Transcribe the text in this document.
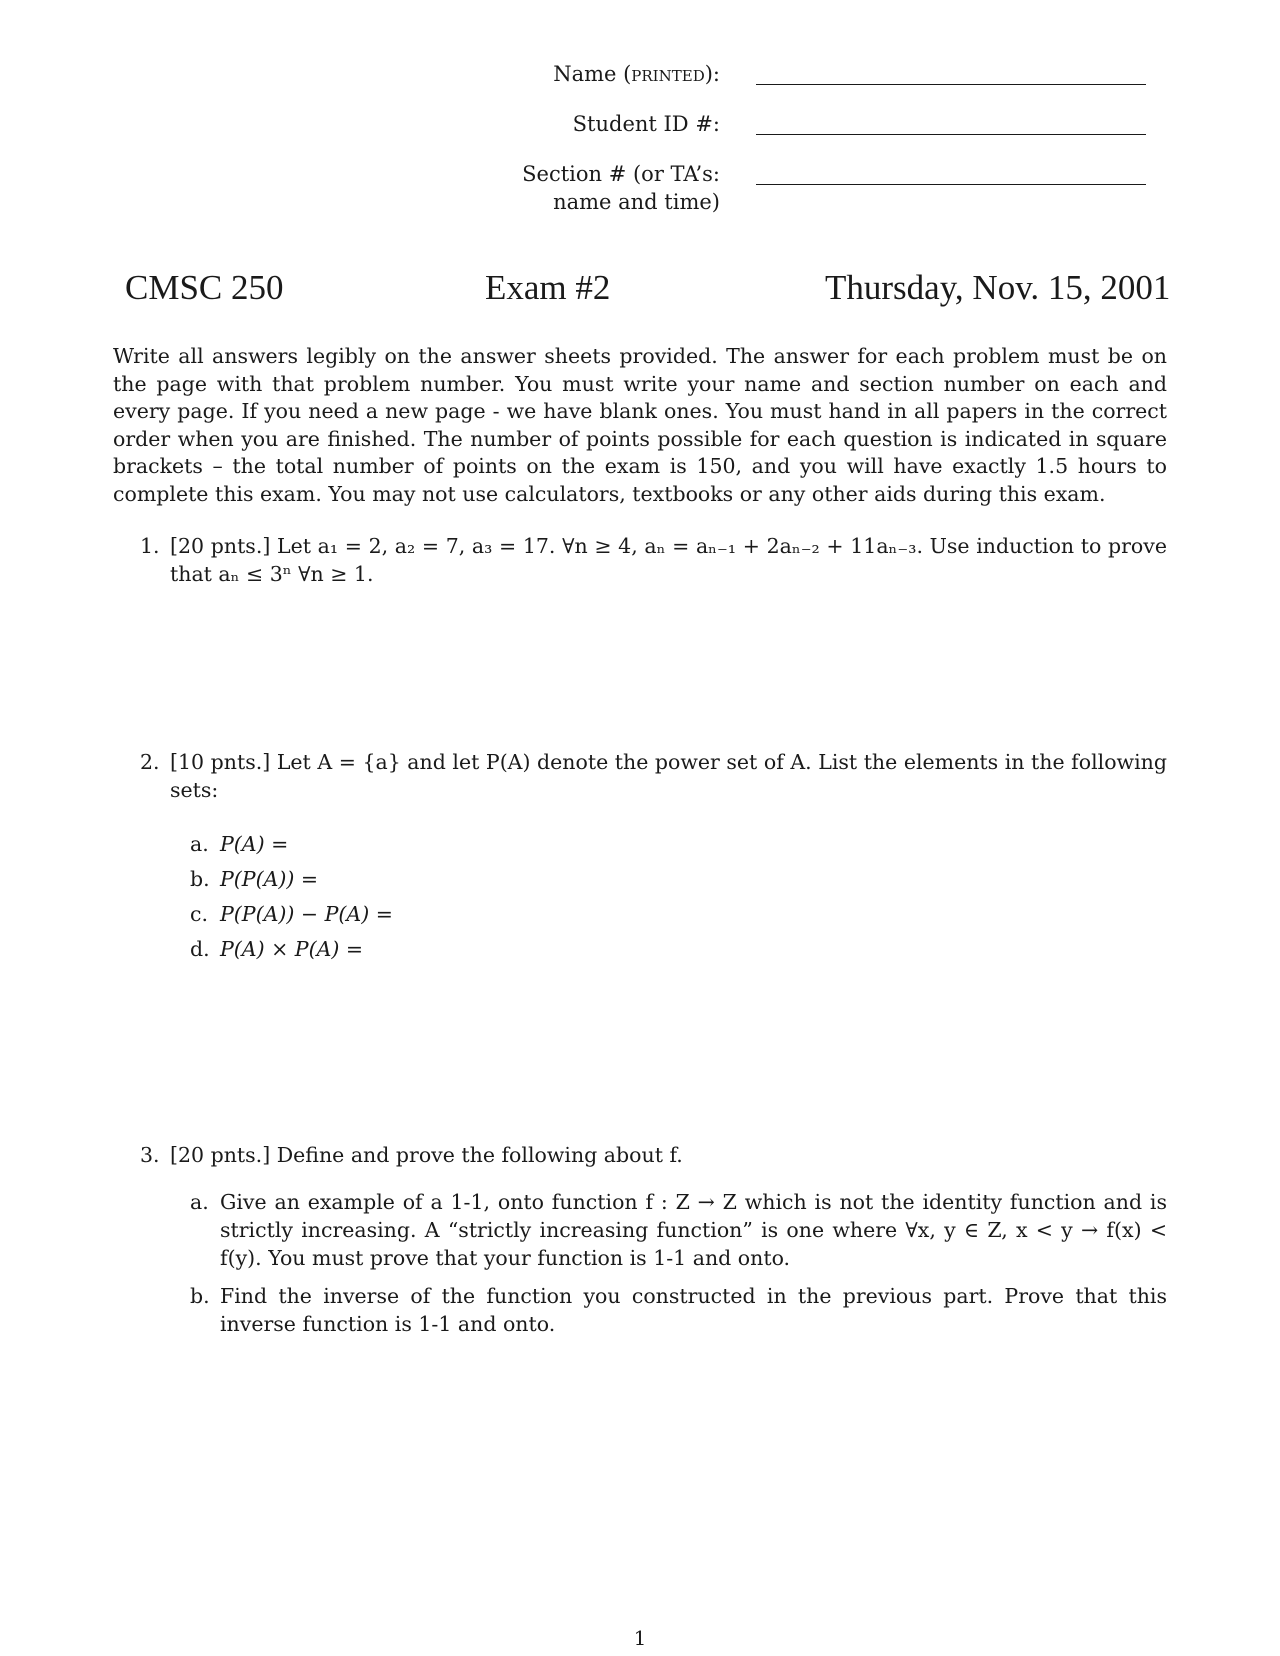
Name (printed):
Student ID #:
Section # (or TA’s:
name and time)
CMSC 250	Exam #2	Thursday, Nov. 15, 2001

Write all answers legibly on the answer sheets provided. The answer for each problem must be on the page with that problem number. You must write your name and section number on each and every page. If you need a new page - we have blank ones. You must hand in all papers in the correct order when you are finished. The number of points possible for each question is indicated in square brackets – the total number of points on the exam is 150, and you will have exactly 1.5 hours to complete this exam. You may not use calculators, textbooks or any other aids during this exam.

1. [20 pnts.] Let a₁ = 2, a₂ = 7, a₃ = 17. ∀n ≥ 4, aₙ = aₙ₋₁ + 2aₙ₋₂ + 11aₙ₋₃. Use induction to prove that aₙ ≤ 3ⁿ ∀n ≥ 1.
2. [10 pnts.] Let A = {a} and let P(A) denote the power set of A. List the elements in the following sets:
a. P(A) =
b. P(P(A)) =
c. P(P(A)) − P(A) =
d. P(A) × P(A) =
3. [20 pnts.] Define and prove the following about f.
a. Give an example of a 1-1, onto function f : Z → Z which is not the identity function and is strictly increasing. A “strictly increasing function” is one where ∀x, y ∈ Z, x < y → f(x) < f(y). You must prove that your function is 1-1 and onto.
b. Find the inverse of the function you constructed in the previous part. Prove that this inverse function is 1-1 and onto.
1
